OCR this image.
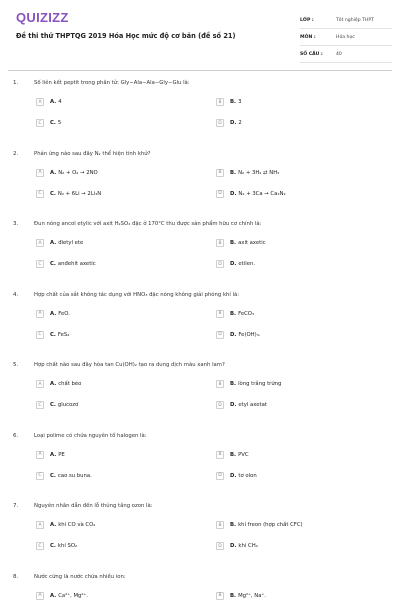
QUIZIZZ
Đề thi thử THPTQG 2019 Hóa Học mức độ cơ bản (đề số 21)
LỚP :	Tốt nghiệp THPT
MÔN :	Hóa học
SỐ CÂU :	40
1.	Số liên kết peptit trong phân tử: Gly−Ala−Ala−Gly−Glu là:
A	A. 4	B	B. 3
C	C. 5	D	D. 2
2.	Phản ứng nào sau đây N₂ thể hiện tính khử?
A	A. N₂ + O₂ → 2NO	B	B. N₂ + 3H₂ ⇄ NH₃
C	C. N₂ + 6Li → 2Li₃N	D	D. N₂ + 3Ca → Ca₃N₂
3.	Đun nóng ancol etylic với axit H₂SO₄ đặc ở 170°C thu được sản phẩm hữu cơ chính là:
A	A. đietyl ete	B	B. axit axetic
C	C. anđehit axetic	D	D. etilen.
4.	Hợp chất của sắt không tác dụng với HNO₃ đặc nóng không giải phóng khí là:
A	A. FeO.	B	B. FeCO₃
C	C. FeS₂	D	D. Fe(OH)₃.
5.	Hợp chất nào sau đây hòa tan Cu(OH)₂ tạo ra dung dịch màu xanh lam?
A	A. chất béo	B	B. lòng trắng trứng
C	C. glucozơ	D	D. etyl axetat
6.	Loại polime có chứa nguyên tố halogen là:
A	A. PE	B	B. PVC
C	C. cao su buna.	D	D. tơ olon
7.	Nguyên nhân dẫn đến lỗ thủng tầng ozon là:
A	A. khí CO và CO₂	B	B. khí freon (hợp chất CFC)
C	C. khí SO₂	D	D. khí CH₄
8.	Nước cứng là nước chứa nhiều ion:
A	A. Ca²⁺, Mg²⁺.	B	B. Mg²⁺, Na⁺.
